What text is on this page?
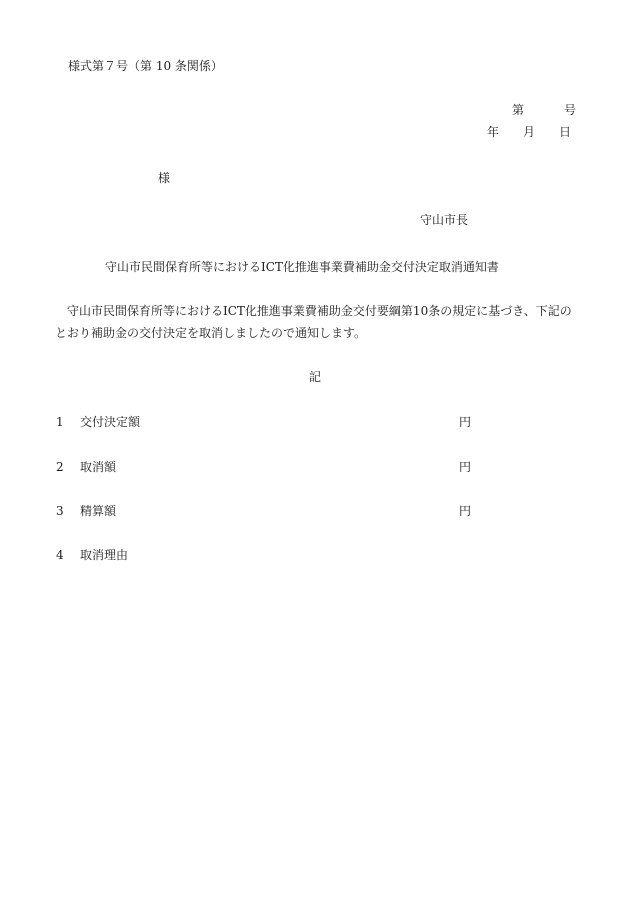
様式第７号（第 10 条関係）
第	号
年 月 日
様
守山市長
守山市民間保育所等におけるICT化推進事業費補助金交付決定取消通知書
守山市民間保育所等におけるICT化推進事業費補助金交付要綱第10条の規定に基づき、下記のとおり補助金の交付決定を取消しましたので通知します。
記
1 交付決定額	円
2 取消額	円
3 精算額	円
4 取消理由
